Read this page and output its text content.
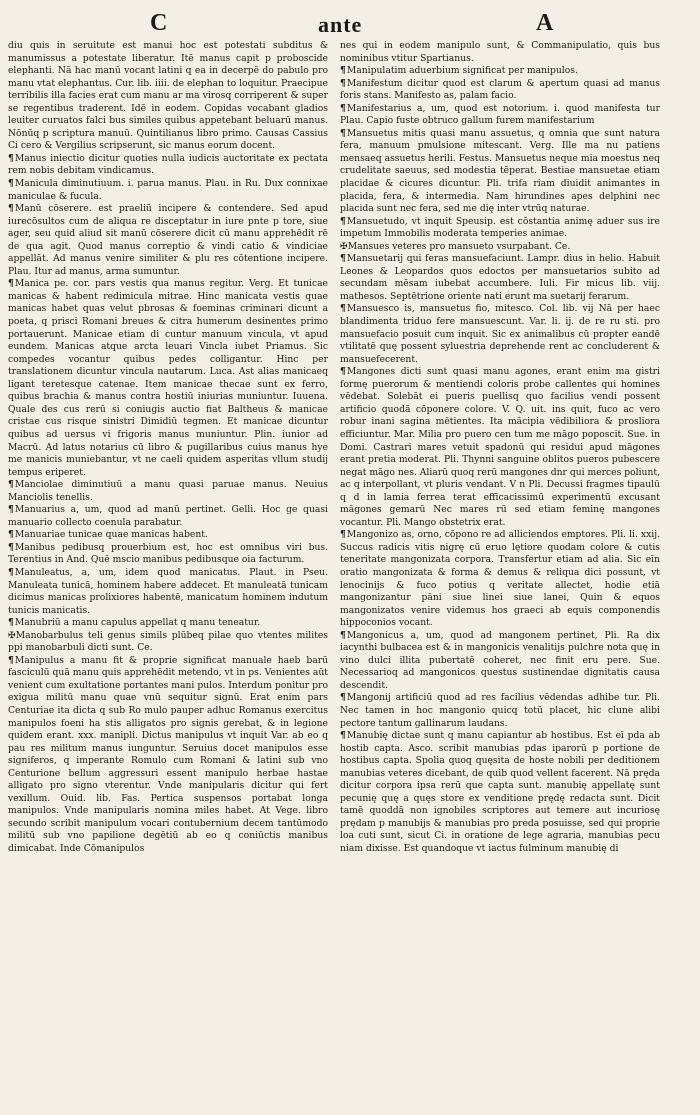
C	ante	A

diu quis in seruitute est manui hoc est potestati subditus & manumissus a potestate liberatur. Itē manus capit p proboscide elephanti. Nā hac manū vocant latini q ea in decerpē do pabulo pro manu vtat elephantus. Cur. lib. iiii. de elephan to loquitur. Praecipue terribilis illa facies erat cum manu ar ma virosq corriperent & super se regentibus traderent. Idē in eodem. Copidas vocabant gladios leuiter curuatos falci bus similes quibus appetebant beluarū manus. Nōnūq p scriptura manuū. Quintilianus libro primo. Causas Cassius Ci cero & Vergilius scripserunt, sic manus eorum docent.

¶ Manus iniectio dicitur quoties nulla iudicis auctoritate ex pectata rem nobis debitam vindicamus.

¶ Manicula diminutiuum. i. parua manus. Plau. in Ru. Dux connixae maniculae & fucula.

¶ Manū cōserere. est praeliū incipere & contendere. Sed apud iurecōsultos cum de aliqua re disceptatur in iure pnte p tore, siue ager, seu quid aliud sit manū cōserere dicit cū manu apprehēdit rē de qua agit. Quod manus correptio & vindi catio & vindiciae appellāt. Ad manus venire similiter & plu res cōtentione incipere. Plau. Itur ad manus, arma sumuntur.

¶ Manica pe. cor. pars vestis qua manus regitur. Verg. Et tunicae manicas & habent redimicula mitrae. Hinc manicata vestis quae manicas habet quas velut pbrosas & foeminas criminari dicunt a poeta, q prisci Romani breues & citra humerum desinentes primo portauerunt. Manicae etiam di cuntur manuum vincula, vt apud eundem. Manicas atque arcta leuari Vincla iubet Priamus. Sic compedes vocantur quibus pedes colligantur. Hinc per translationem dicuntur vincula nautarum. Luca. Ast alias manicaeq ligant teretesque catenae. Item manicae thecae sunt ex ferro, quibus brachia & manus contra hostiū iniurias muniuntur. Iuuena. Quale des cus rerū si coniugis auctio fiat Baltheus & manicae cristae cus risque sinistri Dimidiū tegmen. Et manicae dicuntur quibus ad uersus vi frigoris manus muniuntur. Plin. iunior ad Macrū. Ad latus notarius cū libro & pugillaribus cuius manus hye me manicis muniebantur, vt ne caeli quidem asperitas vllum studij tempus eriperet.

¶ Manciolae diminutiuū a manu quasi paruae manus. Neuius Manciolis tenellis.

¶ Manuarius a, um, quod ad manū pertinet. Gelli. Hoc ge quasi manuario collecto coenula parabatur.

¶ Manuariae tunicae quae manicas habent.

¶ Manibus pedibusq prouerbium est, hoc est omnibus viri bus. Terentius in And. Quē mscio manibus pedibusque oia facturum.

¶ Manuleatus, a, um, idem quod manicatus. Plaut. in Pseu. Manuleata tunicā, hominem habere addecet. Et manuleatā tunicam dicimus manicas prolixiores habentē, manicatum hominem indutum tunicis manicatis.

¶ Manubriū a manu capulus appellat q manu teneatur.

✠Manobarbulus teli genus simils plūbeq pilae quo vtentes milites ppi manobarbuli dicti sunt. Ce.

¶ Manipulus a manu fit & proprie significat manuale haeb barū fasciculū quā manu quis apprehēdit metendo, vt in ps. Venientes aūt venient cum exultatione portantes mani pulos. Interdum ponitur pro exigua militū manu quae vnū sequitur signū. Erat enim pars Centuriae ita dicta q sub Ro mulo pauper adhuc Romanus exercitus manipulos foeni ha stis alligatos pro signis gerebat, & in legione quidem erant. xxx. manipli. Dictus manipulus vt inquit Var. ab eo q pau res militum manus iunguntur. Seruius docet manipulos esse signiferos, q imperante Romulo cum Romani & latini sub vno Centurione bellum aggressuri essent manipulo herbae hastae alligato pro signo vterentur. Vnde manipularis dicitur qui fert vexillum. Ouid. lib. Fas. Pertica suspensos portabat longa manipulos. Vnde manipularis nomina miles habet. At Vege. libro secundo scribit manipulum vocari contubernium decem tantūmodo militū sub vno papilione degētiū ab eo q coniūctis manibus dimicabat. Inde Cōmanipulos

nes qui in eodem manipulo sunt, & Commanipulatio, quis bus nominibus vtitur Spartianus.

¶ Manipulatim aduerbium significat per manipulos.

¶ Manifestum dicitur quod est clarum & apertum quasi ad manus foris stans. Manifesto as, palam facio.

¶ Manifestarius a, um, quod est notorium. i. quod manifesta tur Plau. Capio fuste obtruco gallum furem manifestarium

¶ Mansuetus mitis quasi manu assuetus, q omnia que sunt natura fera, manuum pmulsione mitescant. Verg. Ille ma nu patiens mensaeq assuetus herili. Festus. Mansuetus neque mia moestus neq crudelitate saeuus, sed modestia tēperat. Bestiae mansuetae etiam placidae & cicures dicuntur. Pli. trifa riam diuidit animantes in placida, fera, & intermedia. Nam hirundines apes delphini nec placida sunt nec fera, sed me dię inter vtrūq naturae.

¶ Mansuetudo, vt inquit Speusip. est cōstantia animę aduer sus ire impetum Immobilis moderata temperies animae.

✠Mansues veteres pro mansueto vsurpabant. Ce.

¶ Mansuetarij qui feras mansuefaciunt. Lampr. dius in helio. Habuit Leones & Leopardos quos edoctos per mansuetarios subito ad secundam mēsam iubebat accumbere. Iuli. Fir micus lib. viij. mathesos. Septētrione oriente nati erunt ma suetarij ferarum.

¶ Mansuesco is, mansuetus fio, mitesco. Col. lib. vij Nā per haec blandimenta triduo fere mansuescunt. Var. li. ij. de re ru sti. pro mansuefacio posuit cum inquit. Sic ex animalibus cū propter eandē vtilitatē quę possent syluestria deprehende rent ac concluderent & mansuefecerent.

¶ Mangones dicti sunt quasi manu agones, erant enim ma gistri formę puerorum & mentiendi coloris probe callentes qui homines vēdebat. Solebāt ei pueris puellisq quo facilius vendi possent artificio quodā cōponere colore. V. Q. uit. ins quit, fuco ac vero robur inani sagina mētientes. Ita mācipia vēdibiliora & prosliora efficiuntur. Mar. Milia pro puero cen tum me māgo poposcit. Sue. in Domi. Castrari mares vetuit spadonū qui residui apud māgones erant pretia moderat. Pli. Thynni sanguine oblitos pueros pubescere negat māgo nes. Aliarū quoq rerū mangones dnr qui merces poliunt, ac q interpollant, vt pluris vendant. V n Pli. Decussi fragmes tipaulū q d in lamia ferrea terat efficacissimū experimentū excusant māgones gemarū Nec mares rū sed etiam feminę mangones vocantur. Pli. Mango obstetrix erat.

¶ Mangonizo as, orno, cōpono re ad alliciendos emptores. Pli. li. xxij. Succus radicis vitis nigrę cū eruo lętiore quodam colore & cutis teneritate mangonizata corpora. Transfertur etiam ad alia. Sic eīn oratio mangonizata & forma & demus & reliqua dici possunt, vt lenocinijs & fuco potius q veritate allectet, hodie etiā mangonizantur pāni siue linei siue lanei, Quin & equos mangonizatos venire videmus hos graeci ab equis componendis hippoconios vocant.

¶ Mangonicus a, um, quod ad mangonem pertinet, Pli. Ra dix iacynthi bulbacea est & in mangonicis venalitijs pulchre nota quę in vino dulci illita pubertatē coheret, nec finit eru pere. Sue. Necessarioq ad mangonicos questus sustinendae dignitatis causa descendit.

¶ Mangonij artificiū quod ad res facilius vēdendas adhibe tur. Pli. Nec tamen in hoc mangonio quicq totū placet, hic clune alibi pectore tantum gallinarum laudans.

¶ Manubię dictae sunt q manu capiantur ab hostibus. Est eī pda ab hostib capta. Asco. scribit manubias pdas iparorū p portione de hostibus capta. Spolia quoq quęsita de hoste nobili per deditionem manubias veteres dicebant, de quib quod vellent facerent. Nā pręda dicitur corpora ipsa rerū que capta sunt. manubię appellatę sunt pecunię quę a quęs store ex venditione prędę redacta sunt. Dicit tamē quoddā non ignobiles scriptores aut temere aut incuriosę prędam p manubijs & manubias pro preda posuisse, sed qui proprie loa cuti sunt, sicut Ci. in oratione de lege agraria, manubias pecu niam dixisse. Est quandoque vt iactus fulminum manubię di
